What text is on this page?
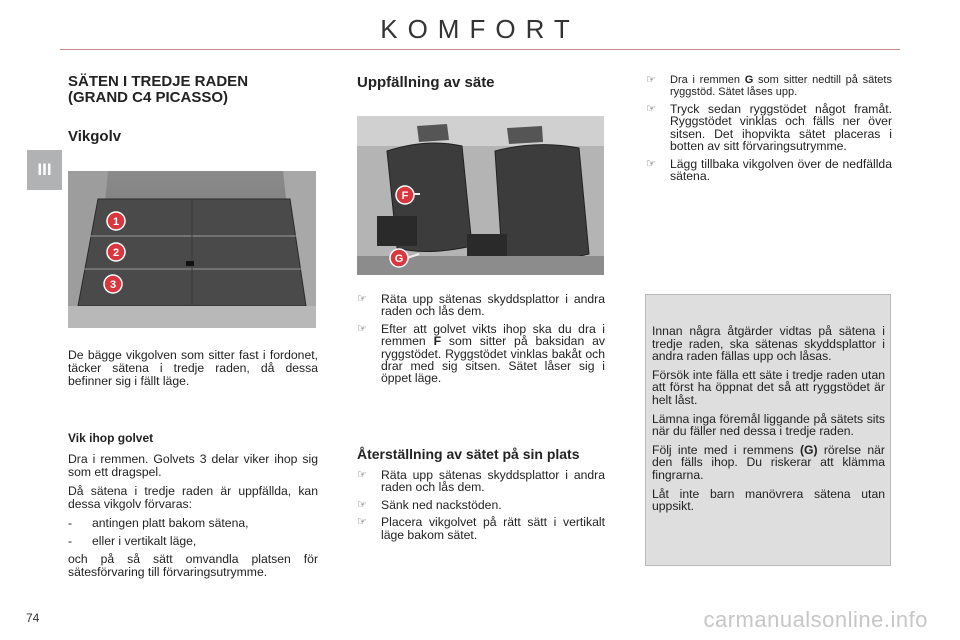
KOMFORT
III
SÄTEN I TREDJE RADEN
(GRAND C4 PICASSO)
Vikgolv
1
2
3

De bägge vikgolven som sitter fast i fordonet, täcker sätena i tredje raden, då dessa befinner sig i fällt läge.

Vik ihop golvet

Dra i remmen. Golvets 3 delar viker ihop sig som ett dragspel.

Då sätena i tredje raden är uppfällda, kan dessa vikgolv förvaras:

- antingen platt bakom sätena,
- eller i vertikalt läge,

och på så sätt omvandla platsen för sätesförvaring till förvaringsutrymme.

Uppfällning av säte
F
G
☞ Räta upp sätenas skyddsplattor i andra raden och lås dem.
☞ Efter att golvet vikts ihop ska du dra i remmen F som sitter på baksidan av ryggstödet. Ryggstödet vinklas bakåt och drar med sig sitsen. Sätet låser sig i öppet läge.
Återställning av sätet på sin plats
☞ Räta upp sätenas skyddsplattor i andra raden och lås dem.
☞ Sänk ned nackstöden.
☞ Placera vikgolvet på rätt sätt i vertikalt läge bakom sätet.
☞ Dra i remmen G som sitter nedtill på sätets ryggstöd. Sätet låses upp.
☞ Tryck sedan ryggstödet något framåt. Ryggstödet vinklas och fälls ner över sitsen. Det ihopvikta sätet placeras i botten av sitt förvaringsutrymme.
☞ Lägg tillbaka vikgolven över de nedfällda sätena.

Innan några åtgärder vidtas på sätena i tredje raden, ska sätenas skyddsplattor i andra raden fällas upp och låsas.

Försök inte fälla ett säte i tredje raden utan att först ha öppnat det så att ryggstödet är helt låst.

Lämna inga föremål liggande på sätets sits när du fäller ned dessa i tredje raden.

Följ inte med i remmens (G) rörelse när den fälls ihop. Du riskerar att klämma fingrarna.

Låt inte barn manövrera sätena utan uppsikt.

74	carmanualsonline.info
